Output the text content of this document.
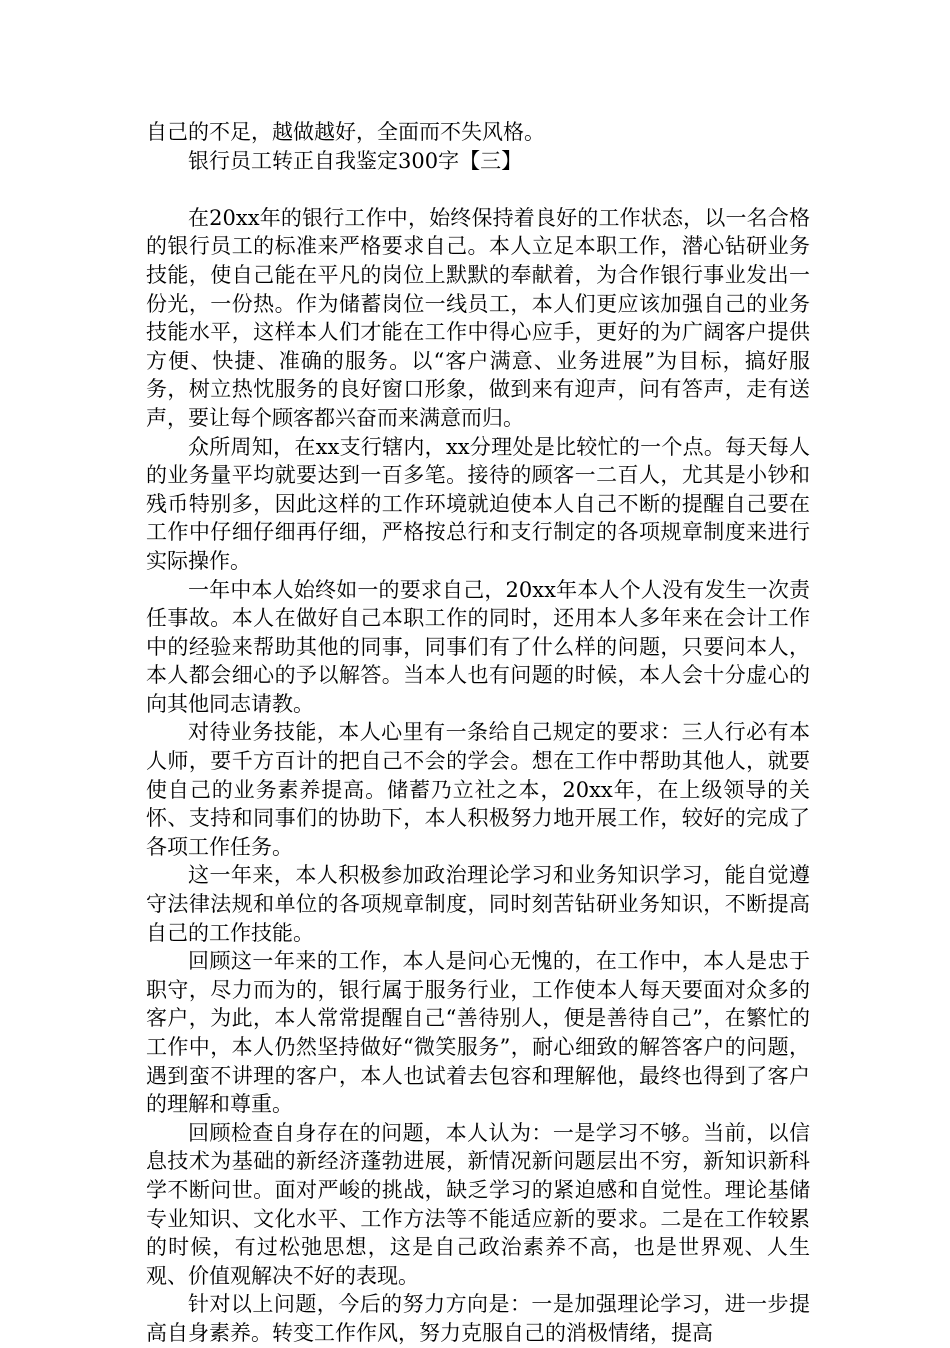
自己的不足，越做越好，全面而不失风格。

银行员工转正自我鉴定300字【三】

在20xx年的银行工作中，始终保持着良好的工作状态，以一名合格的银行员工的标准来严格要求自己。本人立足本职工作，潜心钻研业务技能，使自己能在平凡的岗位上默默的奉献着，为合作银行事业发出一份光，一份热。作为储蓄岗位一线员工，本人们更应该加强自己的业务技能水平，这样本人们才能在工作中得心应手，更好的为广阔客户提供方便、快捷、准确的服务。以“客户满意、业务进展”为目标，搞好服务，树立热忱服务的良好窗口形象，做到来有迎声，问有答声，走有送声，要让每个顾客都兴奋而来满意而归。

众所周知，在xx支行辖内，xx分理处是比较忙的一个点。每天每人的业务量平均就要达到一百多笔。接待的顾客一二百人，尤其是小钞和残币特别多，因此这样的工作环境就迫使本人自己不断的提醒自己要在工作中仔细仔细再仔细，严格按总行和支行制定的各项规章制度来进行实际操作。

一年中本人始终如一的要求自己，20xx年本人个人没有发生一次责任事故。本人在做好自己本职工作的同时，还用本人多年来在会计工作中的经验来帮助其他的同事，同事们有了什么样的问题，只要问本人，本人都会细心的予以解答。当本人也有问题的时候，本人会十分虚心的向其他同志请教。

对待业务技能，本人心里有一条给自己规定的要求：三人行必有本人师，要千方百计的把自己不会的学会。想在工作中帮助其他人，就要使自己的业务素养提高。储蓄乃立社之本，20xx年，在上级领导的关怀、支持和同事们的协助下，本人积极努力地开展工作，较好的完成了各项工作任务。

这一年来，本人积极参加政治理论学习和业务知识学习，能自觉遵守法律法规和单位的各项规章制度，同时刻苦钻研业务知识，不断提高自己的工作技能。

回顾这一年来的工作，本人是问心无愧的，在工作中，本人是忠于职守，尽力而为的，银行属于服务行业，工作使本人每天要面对众多的客户，为此，本人常常提醒自己“善待别人，便是善待自己”，在繁忙的工作中，本人仍然坚持做好“微笑服务”，耐心细致的解答客户的问题，遇到蛮不讲理的客户，本人也试着去包容和理解他，最终也得到了客户的理解和尊重。

回顾检查自身存在的问题，本人认为：一是学习不够。当前，以信息技术为基础的新经济蓬勃进展，新情况新问题层出不穷，新知识新科学不断问世。面对严峻的挑战，缺乏学习的紧迫感和自觉性。理论基储专业知识、文化水平、工作方法等不能适应新的要求。二是在工作较累的时候，有过松弛思想，这是自己政治素养不高，也是世界观、人生观、价值观解决不好的表现。

针对以上问题，今后的努力方向是：一是加强理论学习，进一步提高自身素养。转变工作作风，努力克服自己的消极情绪，提高
